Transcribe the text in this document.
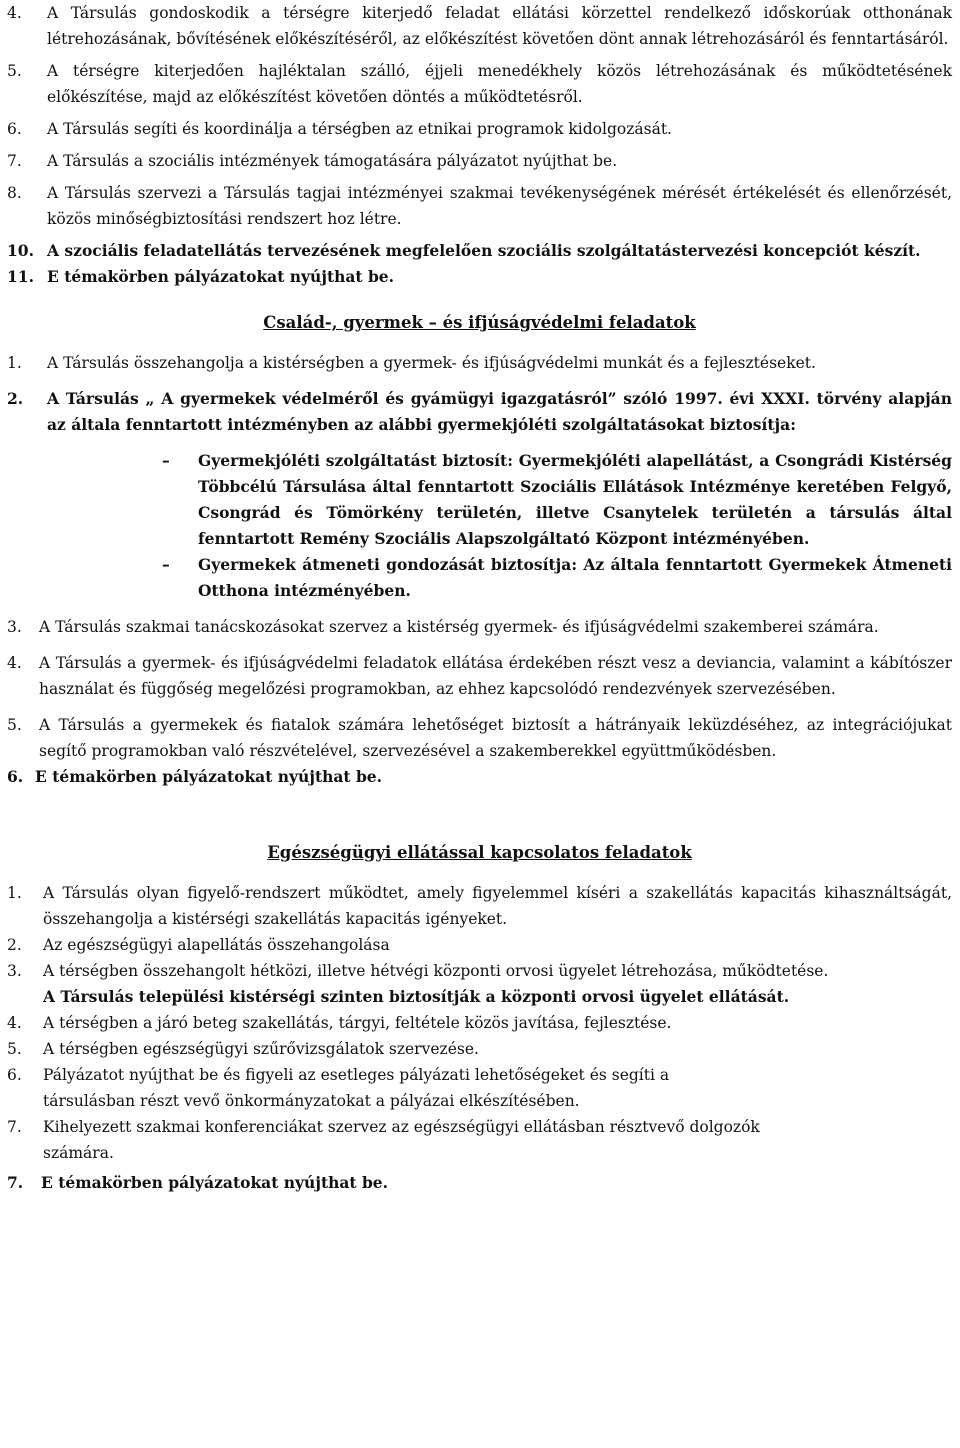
4.	A Társulás gondoskodik a térségre kiterjedő feladat ellátási körzettel rendelkező időskorúak otthonának létrehozásának, bővítésének előkészítéséről, az előkészítést követően dönt annak létrehozásáról és fenntartásáról.
5.	A térségre kiterjedően hajléktalan szálló, éjjeli menedékhely közös létrehozásának és működtetésének előkészítése, majd az előkészítést követően döntés a működtetésről.
6.	A Társulás segíti és koordinálja a térségben az etnikai programok kidolgozását.
7.	A Társulás a szociális intézmények támogatására pályázatot nyújthat be.
8.	A Társulás szervezi a Társulás tagjai intézményei szakmai tevékenységének mérését értékelését és ellenőrzését, közös minőségbiztosítási rendszert hoz létre.
10. A szociális feladatellátás tervezésének megfelelően szociális szolgáltatástervezési koncepciót készít.
11. E témakörben pályázatokat nyújthat be.
Család-, gyermek – és ifjúságvédelmi feladatok
1.	A Társulás összehangolja a kistérségben a gyermek- és ifjúságvédelmi munkát és a fejlesztéseket.
2.	A Társulás „ A gyermekek védelméről és gyámügyi igazgatásról” szóló 1997. évi XXXI. törvény alapján az általa fenntartott intézményben az alábbi gyermekjóléti szolgáltatásokat biztosítja:
–	Gyermekjóléti szolgáltatást biztosít: Gyermekjóléti alapellátást, a Csongrádi Kistérség Többcélú Társulása által fenntartott Szociális Ellátások Intézménye keretében Felgyő, Csongrád és Tömörkény területén, illetve Csanytelek területén a társulás által fenntartott Remény Szociális Alapszolgáltató Központ intézményében.
–	Gyermekek átmeneti gondozását biztosítja: Az általa fenntartott Gyermekek Átmeneti Otthona intézményében.
3.	A Társulás szakmai tanácskozásokat szervez a kistérség gyermek- és ifjúságvédelmi szakemberei számára.
4.	A Társulás a gyermek- és ifjúságvédelmi feladatok ellátása érdekében részt vesz a deviancia, valamint a kábítószer használat és függőség megelőzési programokban, az ehhez kapcsolódó rendezvények szervezésében.
5.	A Társulás a gyermekek és fiatalok számára lehetőséget biztosít a hátrányaik leküzdéséhez, az integrációjukat segítő programokban való részvételével, szervezésével a szakemberekkel együttműködésben.
6. E témakörben pályázatokat nyújthat be.
Egészségügyi ellátással kapcsolatos feladatok
1.	A Társulás olyan figyelő-rendszert működtet, amely figyelemmel kíséri a szakellátás kapacitás kihasználtságát, összehangolja a kistérségi szakellátás kapacitás igényeket.
2.	Az egészségügyi alapellátás összehangolása
3.	A térségben összehangolt hétközi, illetve hétvégi központi orvosi ügyelet létrehozása, működtetése.
A Társulás települési kistérségi szinten biztosítják a központi orvosi ügyelet ellátását.
4.	A térségben a járó beteg szakellátás, tárgyi, feltétele közös javítása, fejlesztése.
5.	A térségben egészségügyi szűrővizsgálatok szervezése.
6.	Pályázatot nyújthat be és figyeli az esetleges pályázati lehetőségeket és segíti a társulásban részt vevő önkormányzatokat a pályázai elkészítésében.
7.	Kihelyezett szakmai konferenciákat szervez az egészségügyi ellátásban résztvevő dolgozók számára.
7.	E témakörben pályázatokat nyújthat be.
